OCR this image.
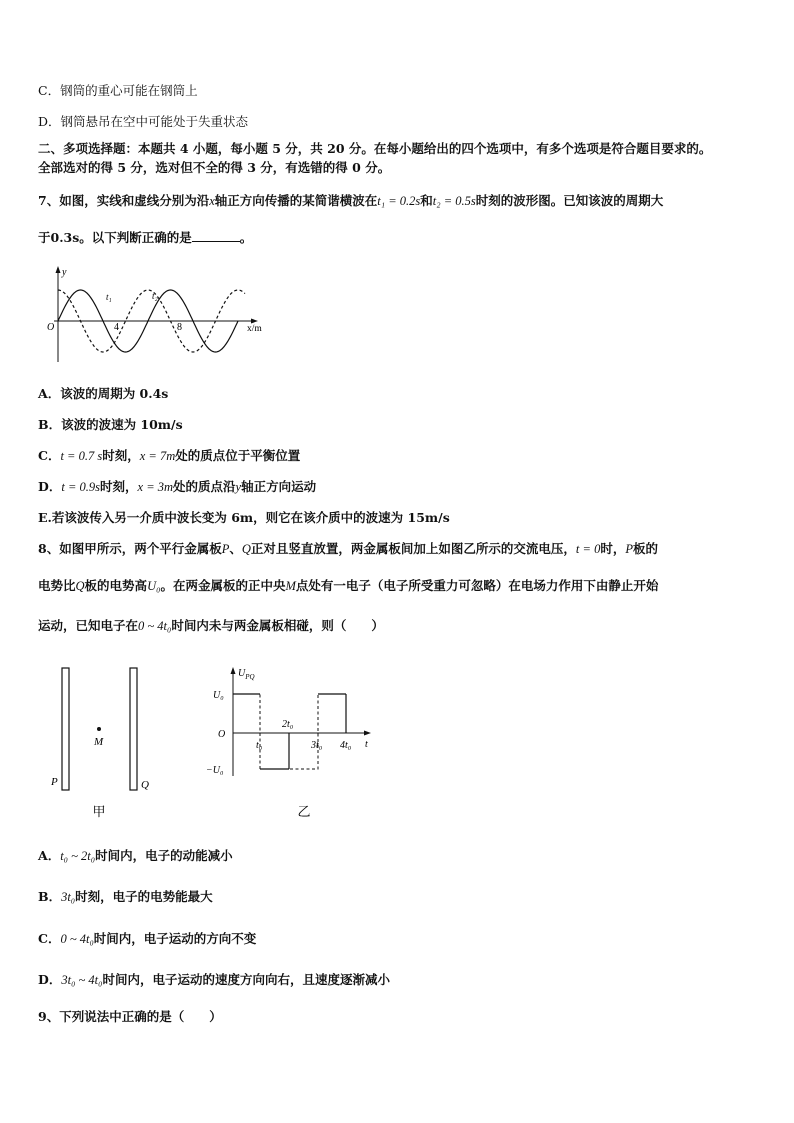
C．钢筒的重心可能在钢筒上
D．钢筒悬吊在空中可能处于失重状态
二、多项选择题：本题共 4 小题，每小题 5 分，共 20 分。在每小题给出的四个选项中，有多个选项是符合题目要求的。
全部选对的得 5 分，选对但不全的得 3 分，有选错的得 0 分。
7、如图，实线和虚线分别为沿x轴正方向传播的某简谐横波在t₁ = 0.2s和t₂ = 0.5s时刻的波形图。已知该波的周期大
于0.3s。以下判断正确的是	。
y
O
t₁	t₂
4	8	x/m
A．该波的周期为 0.4s
B．该波的波速为 10m/s
C．t = 0.7 s时刻，x = 7m处的质点位于平衡位置
D．t = 0.9s时刻，x = 3m处的质点沿y轴正方向运动
E.若该波传入另一介质中波长变为 6m，则它在该介质中的波速为 15m/s
8、如图甲所示，两个平行金属板P、Q正对且竖直放置，两金属板间加上如图乙所示的交流电压，t = 0时，P板的
电势比Q板的电势高U₀。在两金属板的正中央M点处有一电子（电子所受重力可忽略）在电场力作用下由静止开始
运动，已知电子在0 ~ 4t₀时间内未与两金属板相碰，则（　　）
M
P	Q
甲
$U_{PQ}$
U₀
O
−U₀
t₀
2t₀
3t₀ 4t₀ t
乙
A．t₀ ~ 2t₀时间内，电子的动能减小
B．3t₀时刻，电子的电势能最大
C．0 ~ 4t₀时间内，电子运动的方向不变
D．3t₀ ~ 4t₀时间内，电子运动的速度方向向右，且速度逐渐减小
9、下列说法中正确的是（　　）
